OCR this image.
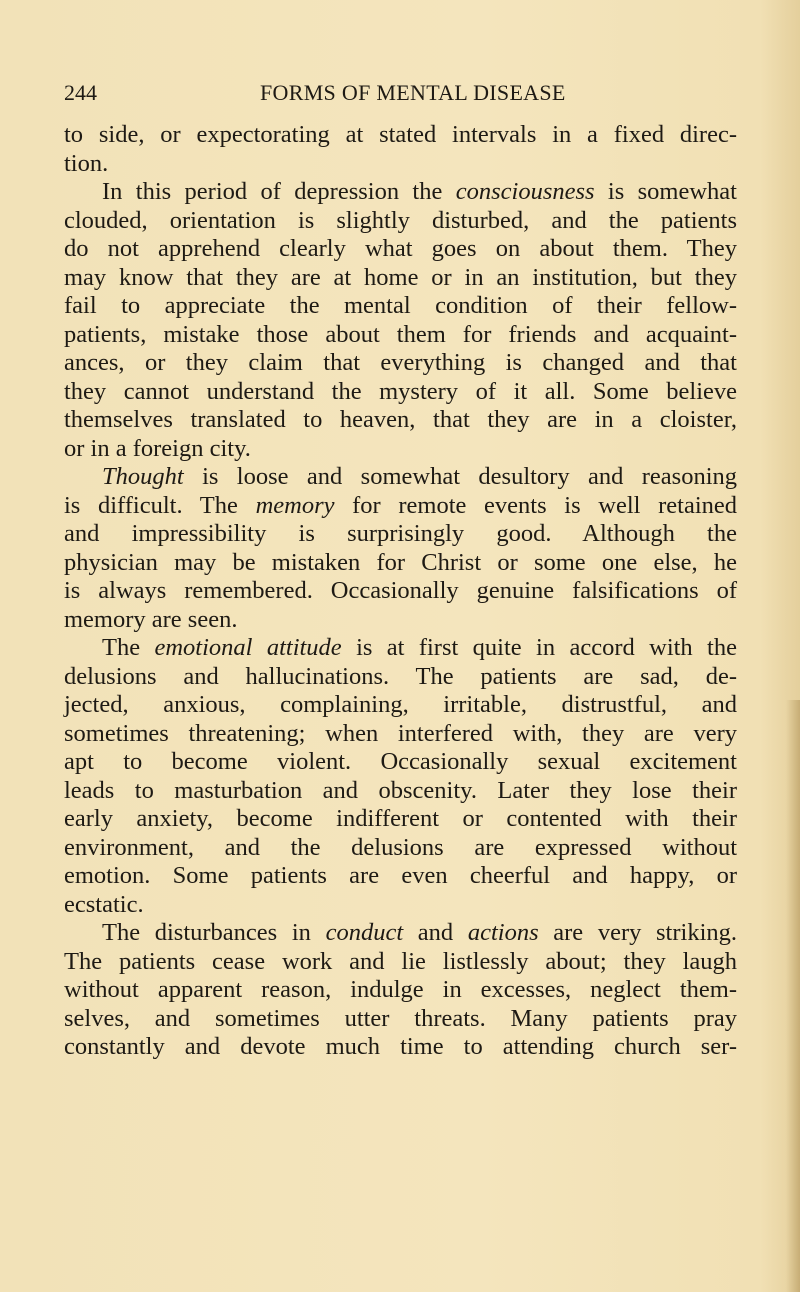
244	FORMS OF MENTAL DISEASE
to side, or expectorating at stated intervals in a fixed direc-
tion.
In this period of depression the consciousness is somewhat
clouded, orientation is slightly disturbed, and the patients
do not apprehend clearly what goes on about them. They
may know that they are at home or in an institution, but they
fail to appreciate the mental condition of their fellow-
patients, mistake those about them for friends and acquaint-
ances, or they claim that everything is changed and that
they cannot understand the mystery of it all. Some believe
themselves translated to heaven, that they are in a cloister,
or in a foreign city.
Thought is loose and somewhat desultory and reasoning
is difficult. The memory for remote events is well retained
and impressibility is surprisingly good. Although the
physician may be mistaken for Christ or some one else, he
is always remembered. Occasionally genuine falsifications of
memory are seen.
The emotional attitude is at first quite in accord with the
delusions and hallucinations. The patients are sad, de-
jected, anxious, complaining, irritable, distrustful, and
sometimes threatening; when interfered with, they are very
apt to become violent. Occasionally sexual excitement
leads to masturbation and obscenity. Later they lose their
early anxiety, become indifferent or contented with their
environment, and the delusions are expressed without
emotion. Some patients are even cheerful and happy, or
ecstatic.
The disturbances in conduct and actions are very striking.
The patients cease work and lie listlessly about; they laugh
without apparent reason, indulge in excesses, neglect them-
selves, and sometimes utter threats. Many patients pray
constantly and devote much time to attending church ser-
